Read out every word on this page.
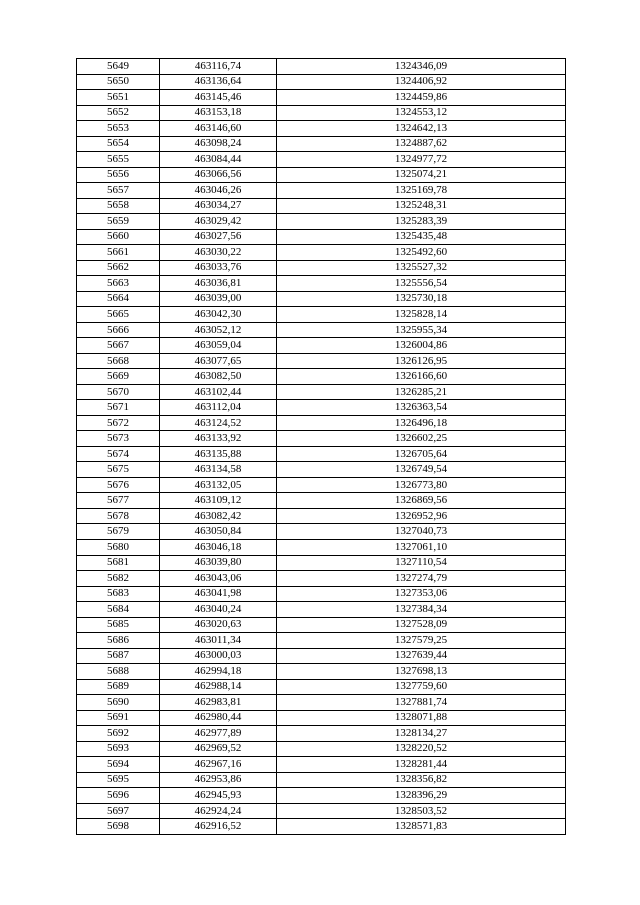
5649	463116,74	1324346,09
5650	463136,64	1324406,92
5651	463145,46	1324459,86
5652	463153,18	1324553,12
5653	463146,60	1324642,13
5654	463098,24	1324887,62
5655	463084,44	1324977,72
5656	463066,56	1325074,21
5657	463046,26	1325169,78
5658	463034,27	1325248,31
5659	463029,42	1325283,39
5660	463027,56	1325435,48
5661	463030,22	1325492,60
5662	463033,76	1325527,32
5663	463036,81	1325556,54
5664	463039,00	1325730,18
5665	463042,30	1325828,14
5666	463052,12	1325955,34
5667	463059,04	1326004,86
5668	463077,65	1326126,95
5669	463082,50	1326166,60
5670	463102,44	1326285,21
5671	463112,04	1326363,54
5672	463124,52	1326496,18
5673	463133,92	1326602,25
5674	463135,88	1326705,64
5675	463134,58	1326749,54
5676	463132,05	1326773,80
5677	463109,12	1326869,56
5678	463082,42	1326952,96
5679	463050,84	1327040,73
5680	463046,18	1327061,10
5681	463039,80	1327110,54
5682	463043,06	1327274,79
5683	463041,98	1327353,06
5684	463040,24	1327384,34
5685	463020,63	1327528,09
5686	463011,34	1327579,25
5687	463000,03	1327639,44
5688	462994,18	1327698,13
5689	462988,14	1327759,60
5690	462983,81	1327881,74
5691	462980,44	1328071,88
5692	462977,89	1328134,27
5693	462969,52	1328220,52
5694	462967,16	1328281,44
5695	462953,86	1328356,82
5696	462945,93	1328396,29
5697	462924,24	1328503,52
5698	462916,52	1328571,83
